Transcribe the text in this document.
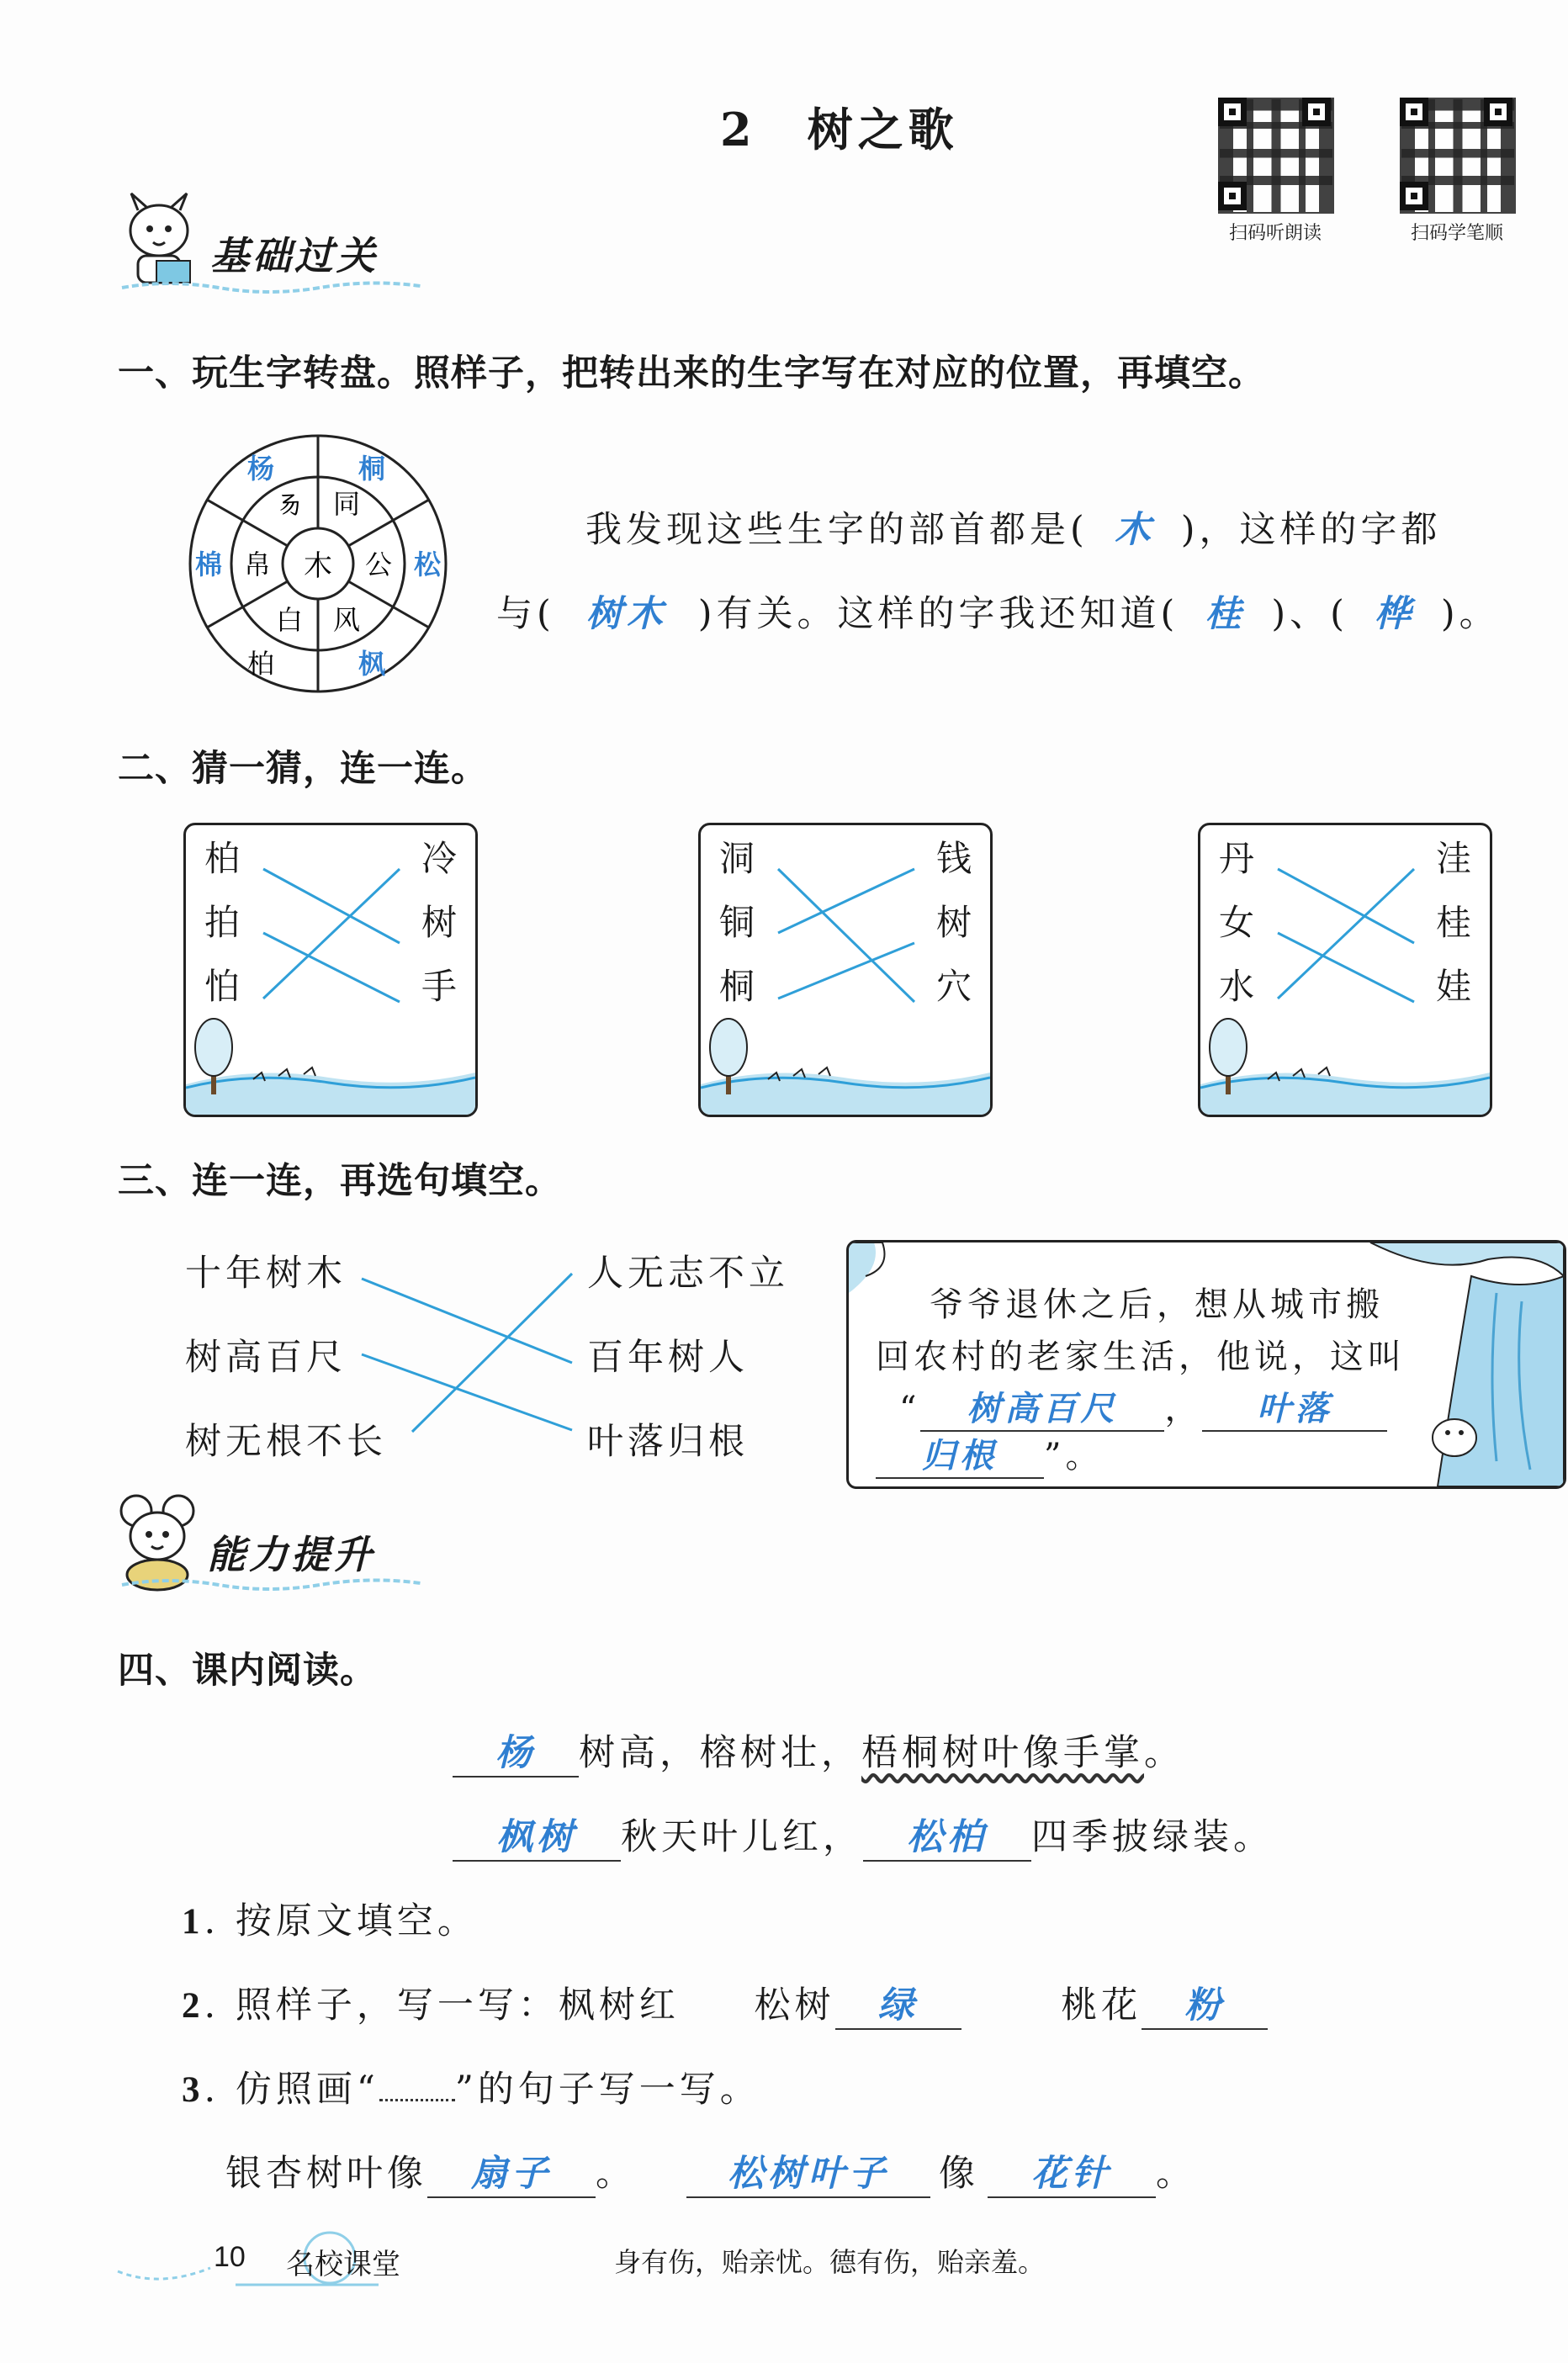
2　树之歌
扫码听朗读	扫码学笔顺
基础过关
一、玩生字转盘。照样子，把转出来的生字写在对应的位置，再填空。
木
同
公
风
白
帛
𠃓
杨	桐
松
枫
棉
柏
我发现这些生字的部首都是( 木 )，这样的字都
与( 树木 )有关。这样的字我还知道( 桂 )、( 桦 )。
二、猜一猜，连一连。
柏
拍
怕
冷
树
手
洞
铜
桐
钱
树
穴
丹
女
水
洼
桂
娃
三、连一连，再选句填空。
十年树木
树高百尺
树无根不长
人无志不立
百年树人
叶落归根
爷爷退休之后，想从城市搬
回农村的老家生活，他说，这叫
“ 树高百尺 ， 叶落
归根 ”。
能力提升
四、课内阅读。
杨 树高，榕树壮，梧桐树叶像手掌。
枫树 秋天叶儿红， 松柏 四季披绿装。
1. 按原文填空。
2. 照样子，写一写：枫树红 松树 绿	桃花 粉
3. 仿照画“ ”的句子写一写。
银杏树叶像 扇子 。	松树叶子 像 花针 。
10 名校课堂	身有伤，贻亲忧。德有伤，贻亲羞。
